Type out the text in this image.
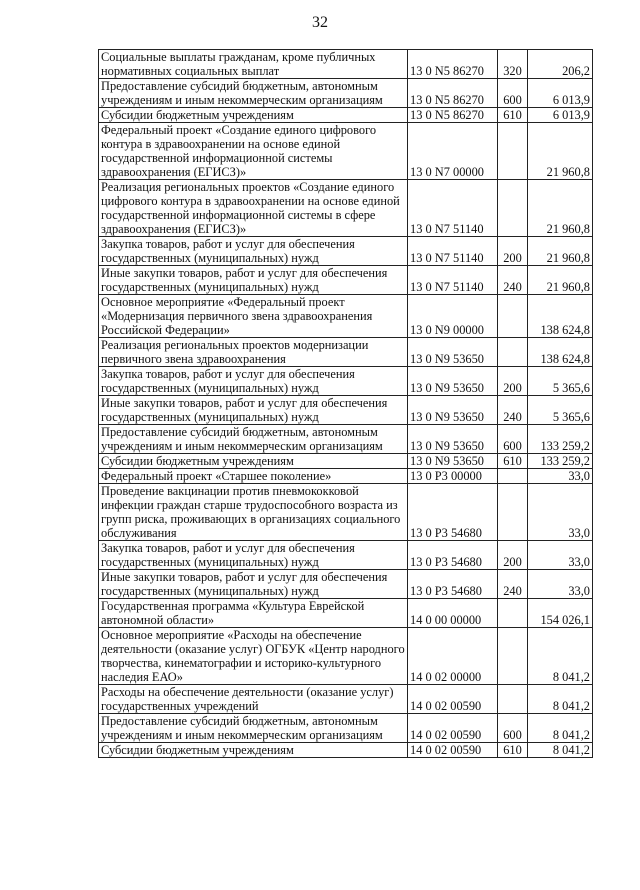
32
Социальные выплаты гражданам, кроме публичных нормативных социальных выплат	13 0 N5 86270	320	206,2
Предоставление субсидий бюджетным, автономным учреждениям и иным некоммерческим организациям	13 0 N5 86270	600	6 013,9
Субсидии бюджетным учреждениям	13 0 N5 86270	610	6 013,9
Федеральный проект «Создание единого цифрового контура в здравоохранении на основе единой государственной информационной системы здравоохранения (ЕГИСЗ)»	13 0 N7 00000		21 960,8
Реализация региональных проектов «Создание единого цифрового контура в здравоохранении на основе единой государственной информационной системы в сфере здравоохранения (ЕГИСЗ)»	13 0 N7 51140		21 960,8
Закупка товаров, работ и услуг для обеспечения государственных (муниципальных) нужд	13 0 N7 51140	200	21 960,8
Иные закупки товаров, работ и услуг для обеспечения государственных (муниципальных) нужд	13 0 N7 51140	240	21 960,8
Основное мероприятие «Федеральный проект «Модернизация первичного звена здравоохранения Российской Федерации»	13 0 N9 00000		138 624,8
Реализация региональных проектов модернизации первичного звена здравоохранения	13 0 N9 53650		138 624,8
Закупка товаров, работ и услуг для обеспечения государственных (муниципальных) нужд	13 0 N9 53650	200	5 365,6
Иные закупки товаров, работ и услуг для обеспечения государственных (муниципальных) нужд	13 0 N9 53650	240	5 365,6
Предоставление субсидий бюджетным, автономным учреждениям и иным некоммерческим организациям	13 0 N9 53650	600	133 259,2
Субсидии бюджетным учреждениям	13 0 N9 53650	610	133 259,2
Федеральный проект «Старшее поколение»	13 0 P3 00000		33,0
Проведение вакцинации против пневмококковой инфекции граждан старше трудоспособного возраста из групп риска, проживающих в организациях социального обслуживания	13 0 P3 54680		33,0
Закупка товаров, работ и услуг для обеспечения государственных (муниципальных) нужд	13 0 P3 54680	200	33,0
Иные закупки товаров, работ и услуг для обеспечения государственных (муниципальных) нужд	13 0 P3 54680	240	33,0
Государственная программа «Культура Еврейской автономной области»	14 0 00 00000		154 026,1
Основное мероприятие «Расходы на обеспечение деятельности (оказание услуг) ОГБУК «Центр народного творчества, кинематографии и историко-культурного наследия ЕАО»	14 0 02 00000		8 041,2
Расходы на обеспечение деятельности (оказание услуг) государственных учреждений	14 0 02 00590		8 041,2
Предоставление субсидий бюджетным, автономным учреждениям и иным некоммерческим организациям	14 0 02 00590	600	8 041,2
Субсидии бюджетным учреждениям	14 0 02 00590	610	8 041,2
